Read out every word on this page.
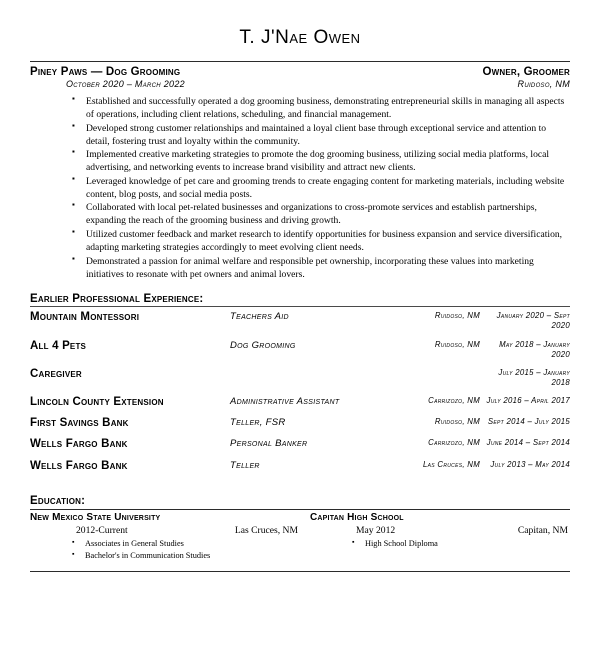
T. J'Nae Owen
Piney Paws — Dog Grooming
October 2020 – March 2022
Owner, Groomer
Ruidoso, NM
▪ Established and successfully operated a dog grooming business, demonstrating entrepreneurial skills in managing all aspects of operations, including client relations, scheduling, and financial management.
▪ Developed strong customer relationships and maintained a loyal client base through exceptional service and attention to detail, fostering trust and loyalty within the community.
▪ Implemented creative marketing strategies to promote the dog grooming business, utilizing social media platforms, local advertising, and networking events to increase brand visibility and attract new clients.
▪ Leveraged knowledge of pet care and grooming trends to create engaging content for marketing materials, including website content, blog posts, and social media posts.
▪ Collaborated with local pet-related businesses and organizations to cross-promote services and establish partnerships, expanding the reach of the grooming business and driving growth.
▪ Utilized customer feedback and market research to identify opportunities for business expansion and service diversification, adapting marketing strategies accordingly to meet evolving client needs.
▪ Demonstrated a passion for animal welfare and responsible pet ownership, incorporating these values into marketing initiatives to resonate with pet owners and animal lovers.
Earlier Professional Experience:
Mountain Montessori	Teachers Aid	Ruidoso, NM	January 2020 – Sept 2020
All 4 Pets	Dog Grooming	Ruidoso, NM	May 2018 – January 2020
Caregiver			July 2015 – January 2018
Lincoln County Extension	Administrative Assistant	Carrizozo, NM	July 2016 – April 2017
First Savings Bank	Teller, FSR	Ruidoso, NM	Sept 2014 – July 2015
Wells Fargo Bank	Personal Banker	Carrizozo, NM	June 2014 – Sept 2014
Wells Fargo Bank	Teller	Las Cruces, NM	July 2013 – May 2014
Education:
New Mexico State University
2012-Current	Las Cruces, NM
▪ Associates in General Studies
▪ Bachelor's in Communication Studies
Capitan High School
May 2012	Capitan, NM
▪ High School Diploma
